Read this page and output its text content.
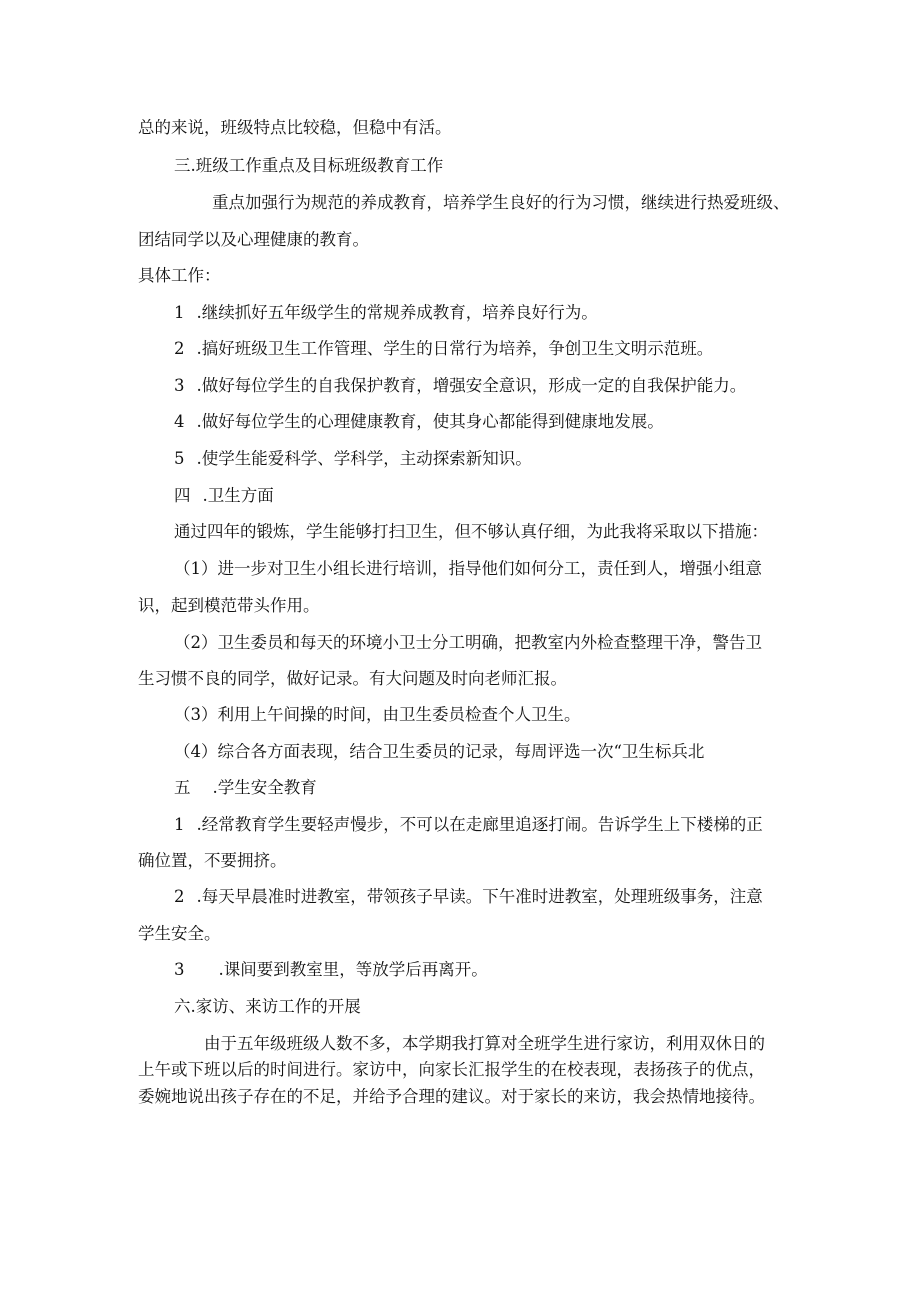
总的来说，班级特点比较稳，但稳中有活。

三.班级工作重点及目标班级教育工作

重点加强行为规范的养成教育，培养学生良好的行为习惯，继续进行热爱班级、

团结同学以及心理健康的教育。

具体工作：

1 .继续抓好五年级学生的常规养成教育，培养良好行为。

2 .搞好班级卫生工作管理、学生的日常行为培养，争创卫生文明示范班。

3 .做好每位学生的自我保护教育，增强安全意识，形成一定的自我保护能力。

4 .做好每位学生的心理健康教育，使其身心都能得到健康地发展。

5 .使学生能爱科学、学科学，主动探索新知识。

四 .卫生方面

通过四年的锻炼，学生能够打扫卫生，但不够认真仔细，为此我将采取以下措施：

（1）进一步对卫生小组长进行培训，指导他们如何分工，责任到人，增强小组意

识，起到模范带头作用。

（2）卫生委员和每天的环境小卫士分工明确，把教室内外检查整理干净，警告卫

生习惯不良的同学，做好记录。有大问题及时向老师汇报。

（3）利用上午间操的时间，由卫生委员检查个人卫生。

（4）综合各方面表现，结合卫生委员的记录，每周评选一次“卫生标兵北

五 .学生安全教育

1 .经常教育学生要轻声慢步，不可以在走廊里追逐打闹。告诉学生上下楼梯的正

确位置，不要拥挤。

2 .每天早晨准时进教室，带领孩子早读。下午准时进教室，处理班级事务，注意

学生安全。

3 .课间要到教室里，等放学后再离开。

六.家访、来访工作的开展

由于五年级班级人数不多，本学期我打算对全班学生进行家访，利用双休日的

上午或下班以后的时间进行。家访中，向家长汇报学生的在校表现，表扬孩子的优点，

委婉地说出孩子存在的不足，并给予合理的建议。对于家长的来访，我会热情地接待。
